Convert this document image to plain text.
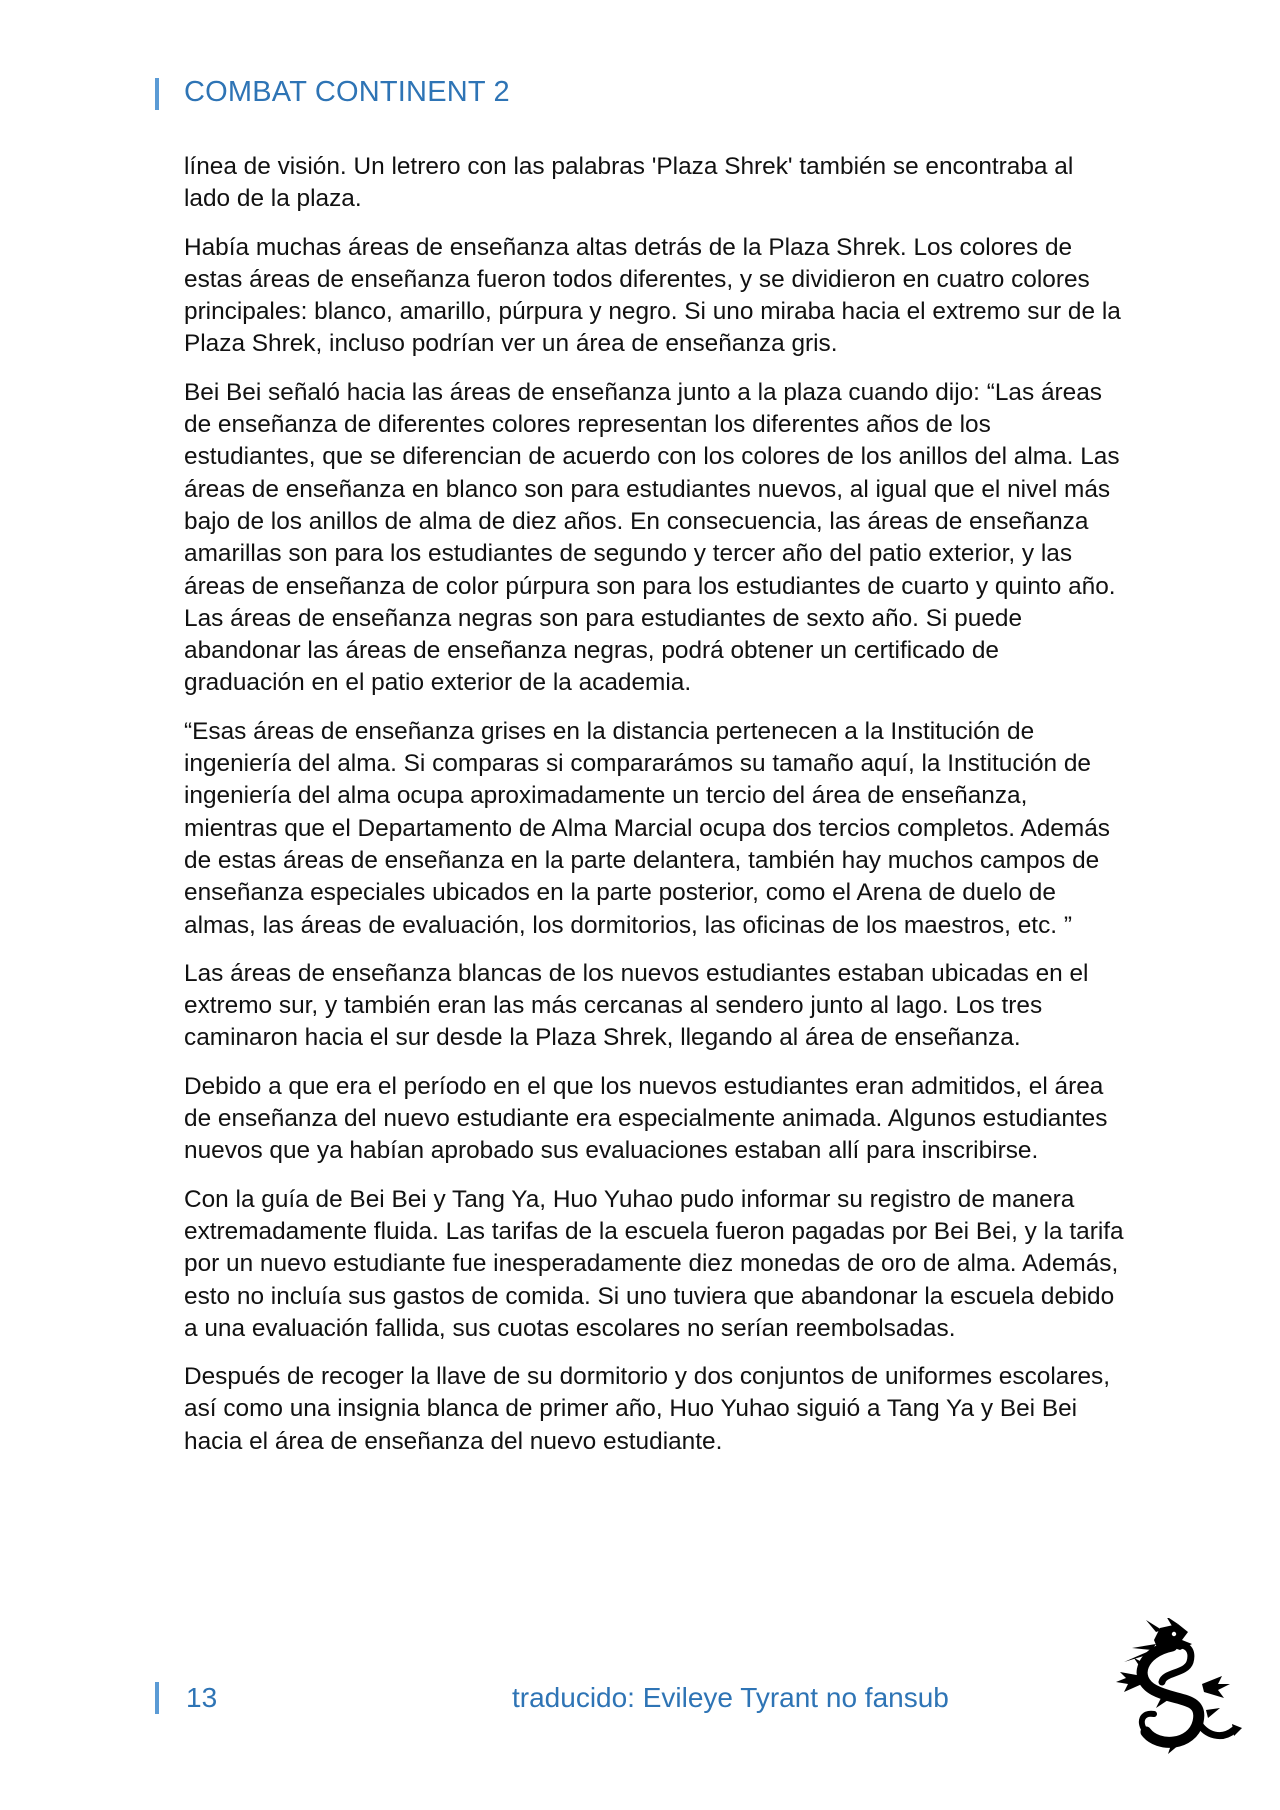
COMBAT CONTINENT 2

línea de visión. Un letrero con las palabras 'Plaza Shrek' también se encontraba al lado de la plaza.

Había muchas áreas de enseñanza altas detrás de la Plaza Shrek. Los colores de estas áreas de enseñanza fueron todos diferentes, y se dividieron en cuatro colores principales: blanco, amarillo, púrpura y negro. Si uno miraba hacia el extremo sur de la Plaza Shrek, incluso podrían ver un área de enseñanza gris.

Bei Bei señaló hacia las áreas de enseñanza junto a la plaza cuando dijo: “Las áreas de enseñanza de diferentes colores representan los diferentes años de los estudiantes, que se diferencian de acuerdo con los colores de los anillos del alma. Las áreas de enseñanza en blanco son para estudiantes nuevos, al igual que el nivel más bajo de los anillos de alma de diez años. En consecuencia, las áreas de enseñanza amarillas son para los estudiantes de segundo y tercer año del patio exterior, y las áreas de enseñanza de color púrpura son para los estudiantes de cuarto y quinto año. Las áreas de enseñanza negras son para estudiantes de sexto año. Si puede abandonar las áreas de enseñanza negras, podrá obtener un certificado de graduación en el patio exterior de la academia.

“Esas áreas de enseñanza grises en la distancia pertenecen a la Institución de ingeniería del alma. Si comparas si compararámos su tamaño aquí, la Institución de ingeniería del alma ocupa aproximadamente un tercio del área de enseñanza, mientras que el Departamento de Alma Marcial ocupa dos tercios completos. Además de estas áreas de enseñanza en la parte delantera, también hay muchos campos de enseñanza especiales ubicados en la parte posterior, como el Arena de duelo de almas, las áreas de evaluación, los dormitorios, las oficinas de los maestros, etc. ”

Las áreas de enseñanza blancas de los nuevos estudiantes estaban ubicadas en el extremo sur, y también eran las más cercanas al sendero junto al lago. Los tres caminaron hacia el sur desde la Plaza Shrek, llegando al área de enseñanza.

Debido a que era el período en el que los nuevos estudiantes eran admitidos, el área de enseñanza del nuevo estudiante era especialmente animada. Algunos estudiantes nuevos que ya habían aprobado sus evaluaciones estaban allí para inscribirse.

Con la guía de Bei Bei y Tang Ya, Huo Yuhao pudo informar su registro de manera extremadamente fluida. Las tarifas de la escuela fueron pagadas por Bei Bei, y la tarifa por un nuevo estudiante fue inesperadamente diez monedas de oro de alma. Además, esto no incluía sus gastos de comida. Si uno tuviera que abandonar la escuela debido a una evaluación fallida, sus cuotas escolares no serían reembolsadas.

Después de recoger la llave de su dormitorio y dos conjuntos de uniformes escolares, así como una insignia blanca de primer año, Huo Yuhao siguió a Tang Ya y Bei Bei hacia el área de enseñanza del nuevo estudiante.

13	traducido: Evileye Tyrant no fansub
